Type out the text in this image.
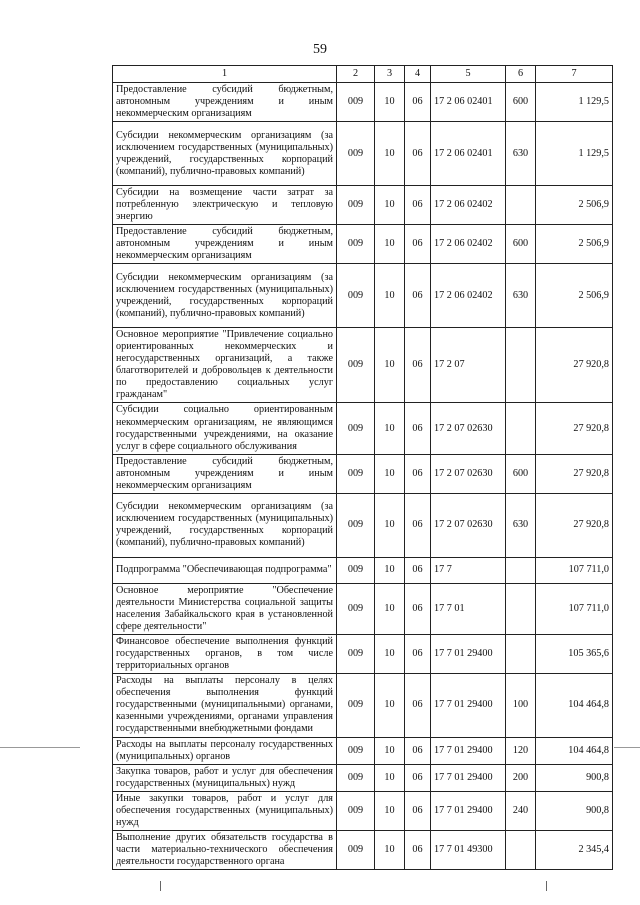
59
1	2	3	4	5	6	7
Предоставление субсидий бюджетным, автономным учреждениям и иным некоммерческим организациям	009	10	06	17 2 06 02401	600	1 129,5
Субсидии некоммерческим организациям (за исключением государственных (муниципальных) учреждений, государственных корпораций (компаний), публично-правовых компаний)	009	10	06	17 2 06 02401	630	1 129,5
Субсидии на возмещение части затрат за потребленную электрическую и тепловую энергию	009	10	06	17 2 06 02402		2 506,9
Предоставление субсидий бюджетным, автономным учреждениям и иным некоммерческим организациям	009	10	06	17 2 06 02402	600	2 506,9
Субсидии некоммерческим организациям (за исключением государственных (муниципальных) учреждений, государственных корпораций (компаний), публично-правовых компаний)	009	10	06	17 2 06 02402	630	2 506,9
Основное мероприятие "Привлечение социально ориентированных некоммерческих и негосударственных организаций, а также благотворителей и добровольцев к деятельности по предоставлению социальных услуг гражданам"	009	10	06	17 2 07		27 920,8
Субсидии социально ориентированным некоммерческим организациям, не являющимся государственными учреждениями, на оказание услуг в сфере социального обслуживания	009	10	06	17 2 07 02630		27 920,8
Предоставление субсидий бюджетным, автономным учреждениям и иным некоммерческим организациям	009	10	06	17 2 07 02630	600	27 920,8
Субсидии некоммерческим организациям (за исключением государственных (муниципальных) учреждений, государственных корпораций (компаний), публично-правовых компаний)	009	10	06	17 2 07 02630	630	27 920,8
Подпрограмма "Обеспечивающая подпрограмма"	009	10	06	17 7		107 711,0
Основное мероприятие "Обеспечение деятельности Министерства социальной защиты населения Забайкальского края в установленной сфере деятельности"	009	10	06	17 7 01		107 711,0
Финансовое обеспечение выполнения функций государственных органов, в том числе территориальных органов	009	10	06	17 7 01 29400		105 365,6
Расходы на выплаты персоналу в целях обеспечения выполнения функций государственными (муниципальными) органами, казенными учреждениями, органами управления государственными внебюджетными фондами	009	10	06	17 7 01 29400	100	104 464,8
Расходы на выплаты персоналу государственных (муниципальных) органов	009	10	06	17 7 01 29400	120	104 464,8
Закупка товаров, работ и услуг для обеспечения государственных (муниципальных) нужд	009	10	06	17 7 01 29400	200	900,8
Иные закупки товаров, работ и услуг для обеспечения государственных (муниципальных) нужд	009	10	06	17 7 01 29400	240	900,8
Выполнение других обязательств государства в части материально-технического обеспечения деятельности государственного органа	009	10	06	17 7 01 49300		2 345,4
